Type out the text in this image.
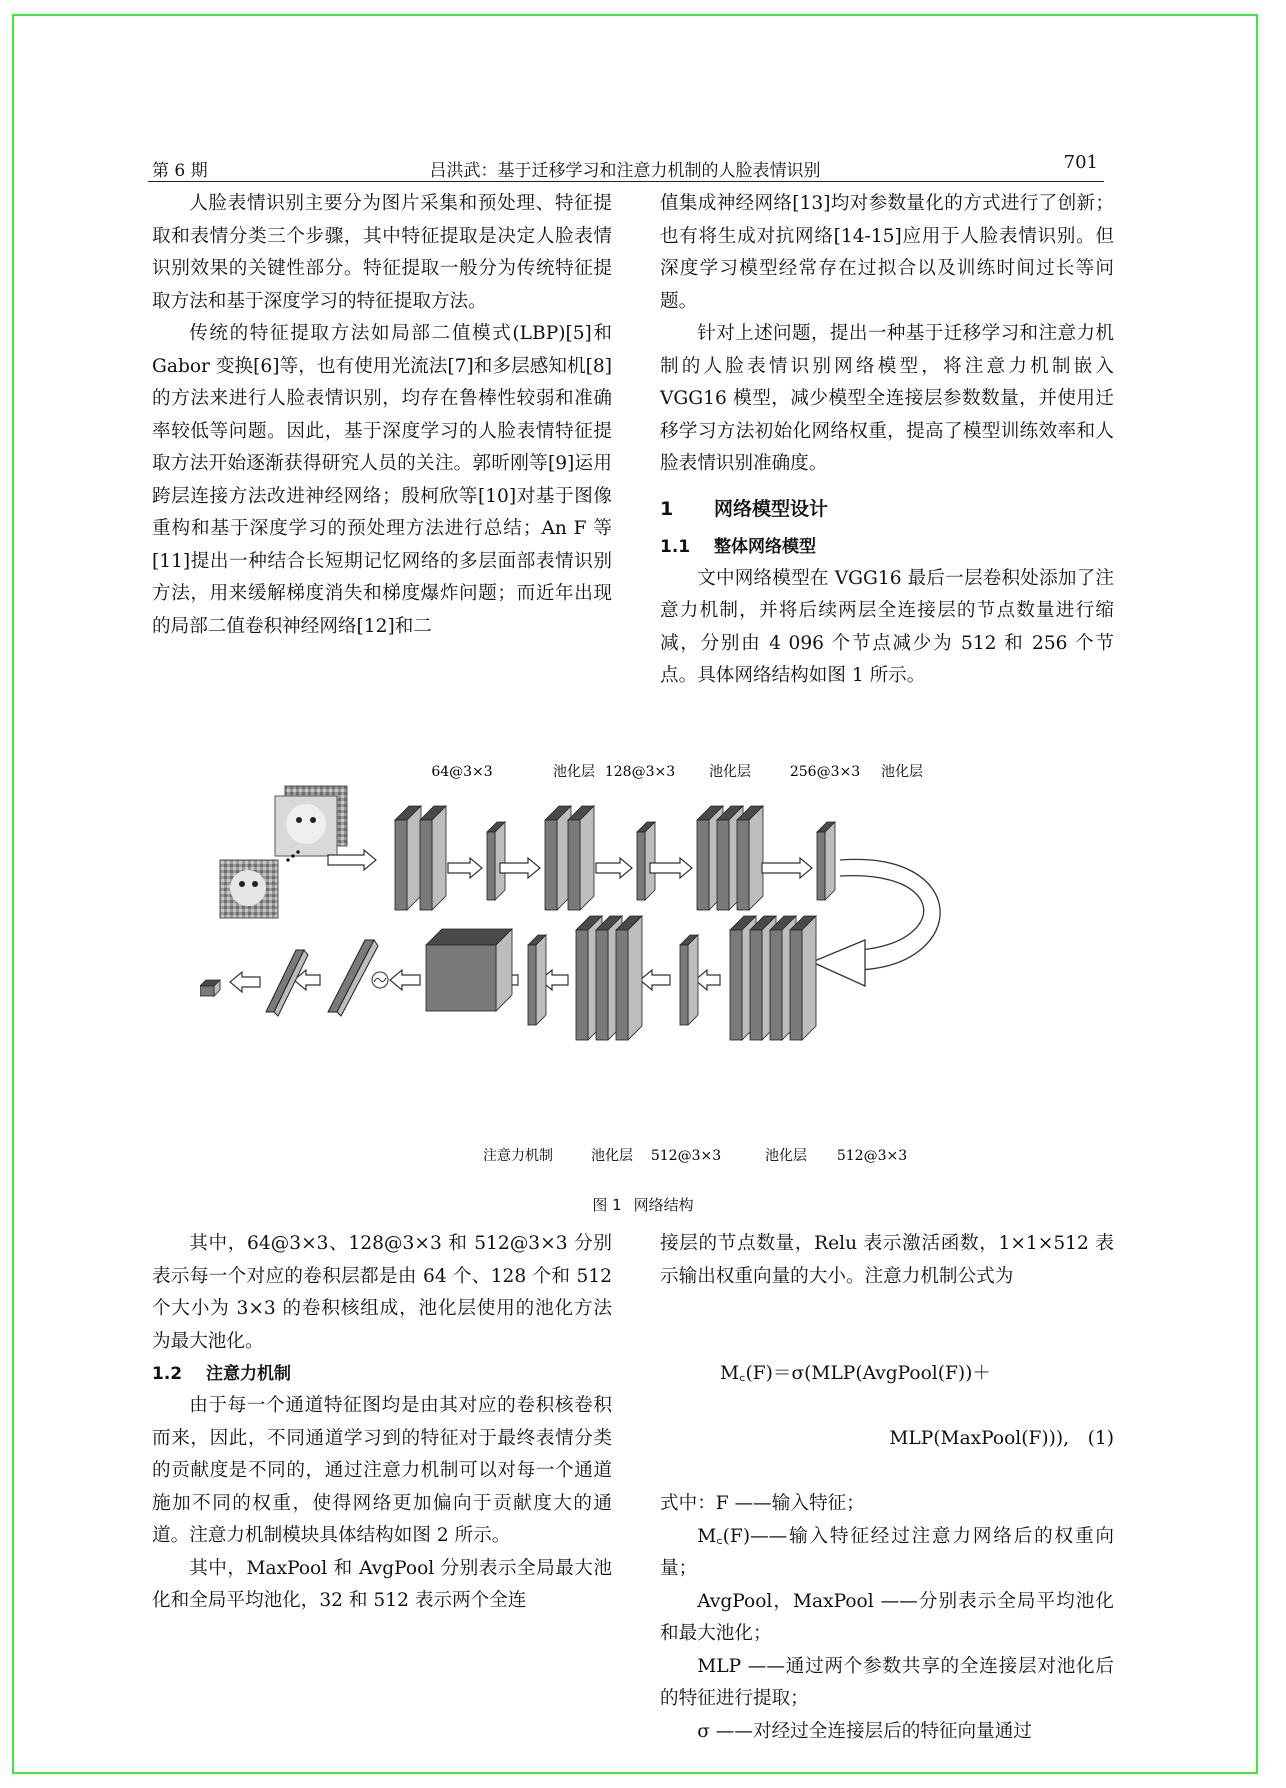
第 6 期	吕洪武：基于迁移学习和注意力机制的人脸表情识别	701

人脸表情识别主要分为图片采集和预处理、特征提取和表情分类三个步骤，其中特征提取是决定人脸表情识别效果的关键性部分。特征提取一般分为传统特征提取方法和基于深度学习的特征提取方法。

传统的特征提取方法如局部二值模式(LBP)[5]和 Gabor 变换[6]等，也有使用光流法[7]和多层感知机[8]的方法来进行人脸表情识别，均存在鲁棒性较弱和准确率较低等问题。因此，基于深度学习的人脸表情特征提取方法开始逐渐获得研究人员的关注。郭昕刚等[9]运用跨层连接方法改进神经网络；殷柯欣等[10]对基于图像重构和基于深度学习的预处理方法进行总结；An F 等[11]提出一种结合长短期记忆网络的多层面部表情识别方法，用来缓解梯度消失和梯度爆炸问题；而近年出现的局部二值卷积神经网络[12]和二

值集成神经网络[13]均对参数量化的方式进行了创新；也有将生成对抗网络[14-15]应用于人脸表情识别。但深度学习模型经常存在过拟合以及训练时间过长等问题。

针对上述问题，提出一种基于迁移学习和注意力机制的人脸表情识别网络模型，将注意力机制嵌入 VGG16 模型，减少模型全连接层参数数量，并使用迁移学习方法初始化网络权重，提高了模型训练效率和人脸表情识别准确度。

1 网络模型设计
1.1 整体网络模型

文中网络模型在 VGG16 最后一层卷积处添加了注意力机制，并将后续两层全连接层的节点数量进行缩减，分别由 4 096 个节点减少为 512 和 256 个节点。具体网络结构如图 1 所示。

64@3×3	池化层 128@3×3 池化层	256@3×3 池化层
注意力机制	池化层 512@3×3	池化层 512@3×3
图 1 网络结构

其中，64@3×3、128@3×3 和 512@3×3 分别表示每一个对应的卷积层都是由 64 个、128 个和 512 个大小为 3×3 的卷积核组成，池化层使用的池化方法为最大池化。

1.2 注意力机制

由于每一个通道特征图均是由其对应的卷积核卷积而来，因此，不同通道学习到的特征对于最终表情分类的贡献度是不同的，通过注意力机制可以对每一个通道施加不同的权重，使得网络更加偏向于贡献度大的通道。注意力机制模块具体结构如图 2 所示。

其中，MaxPool 和 AvgPool 分别表示全局最大池化和全局平均池化，32 和 512 表示两个全连

接层的节点数量，Relu 表示激活函数，1×1×512 表示输出权重向量的大小。注意力机制公式为

M꜀(F)＝σ(MLP(AvgPool(F))＋

MLP(MaxPool(F))),　(1)

式中：F ——输入特征；

M꜀(F)——输入特征经过注意力网络后的权重向量；

AvgPool，MaxPool ——分别表示全局平均池化和最大池化；

MLP ——通过两个参数共享的全连接层对池化后的特征进行提取；

σ ——对经过全连接层后的特征向量通过
